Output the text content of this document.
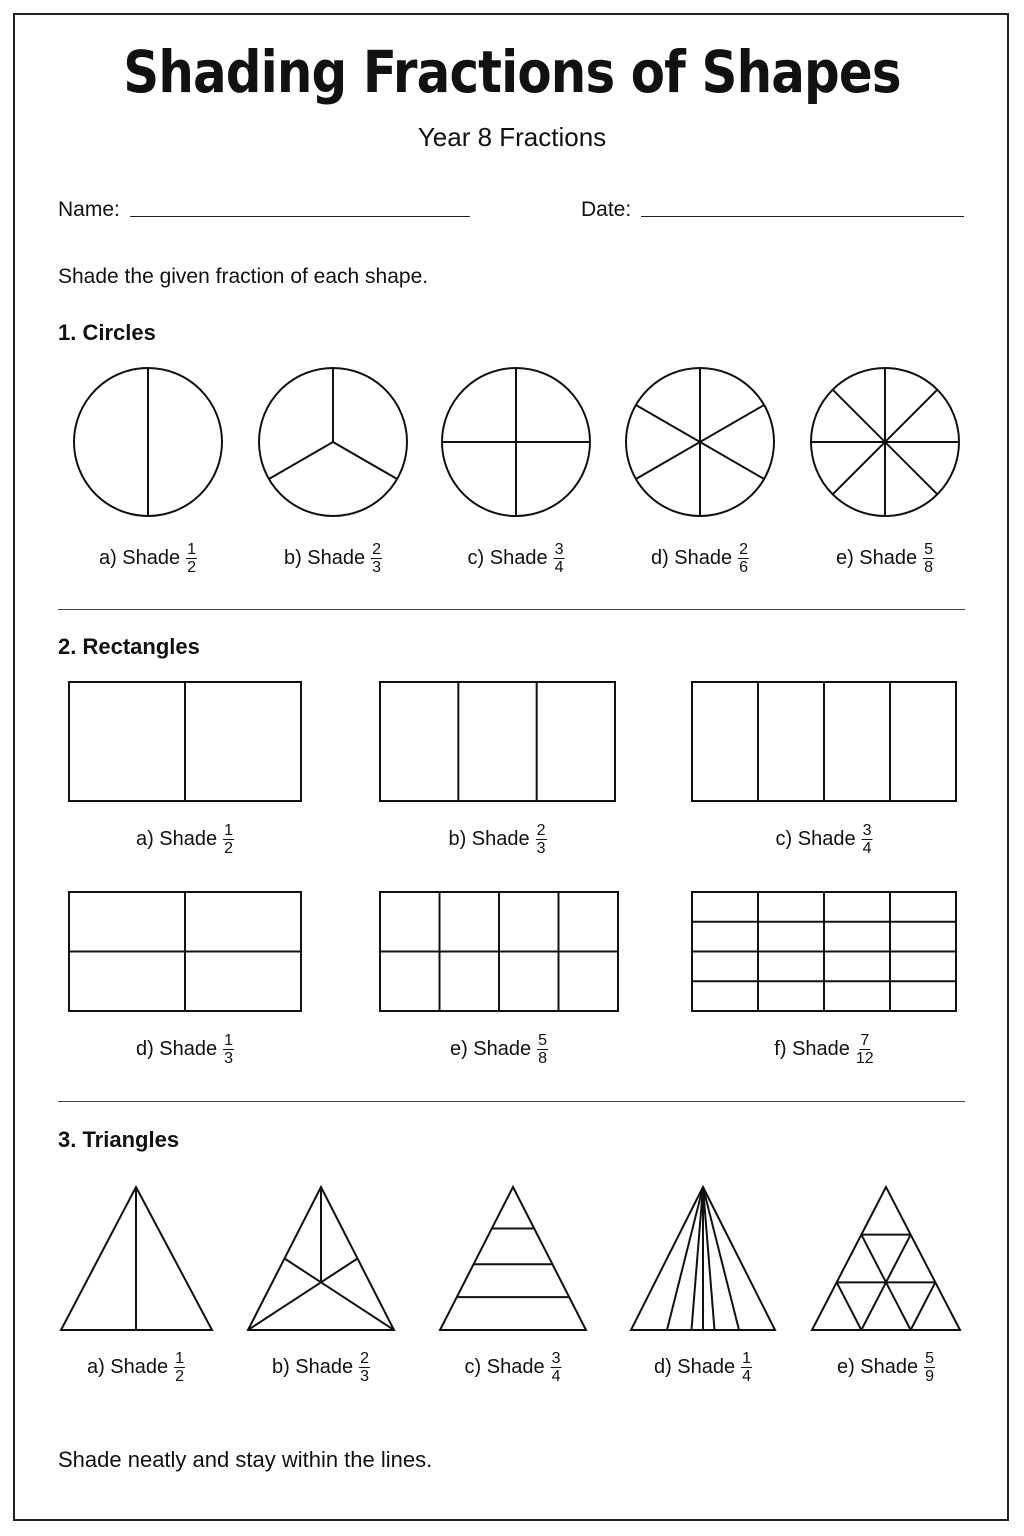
Shading Fractions of Shapes
Year 8 Fractions
Name:	Date:
Shade the given fraction of each shape.
1. Circles
2. Rectangles
3. Triangles
a) Shade $\frac{1}{2}$	b) Shade $\frac{2}{3}$	c) Shade $\frac{3}{4}$	d) Shade $\frac{2}{6}$	e) Shade $\frac{5}{8}$
a) Shade $\frac{1}{2}$	b) Shade $\frac{2}{3}$	c) Shade $\frac{3}{4}$
d) Shade $\frac{1}{3}$	e) Shade $\frac{5}{8}$	f) Shade $\frac{7}{12}$
a) Shade $\frac{1}{2}$	b) Shade $\frac{2}{3}$	c) Shade $\frac{3}{4}$	d) Shade $\frac{1}{4}$	e) Shade $\frac{5}{9}$
Shade neatly and stay within the lines.
